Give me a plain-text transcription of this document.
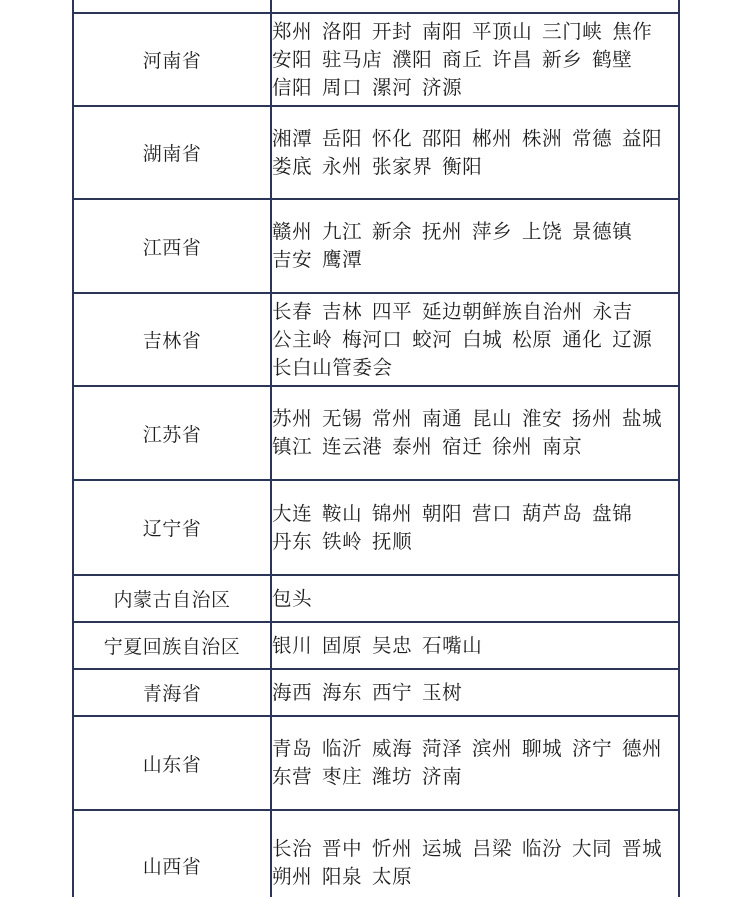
河南省	郑州 洛阳 开封 南阳 平顶山 三门峡 焦作 安阳 驻马店 濮阳 商丘 许昌 新乡 鹤壁 信阳 周口 漯河 济源
湖南省	湘潭 岳阳 怀化 邵阳 郴州 株洲 常德 益阳 娄底 永州 张家界 衡阳
江西省	赣州 九江 新余 抚州 萍乡 上饶 景德镇 吉安 鹰潭
吉林省	长春 吉林 四平 延边朝鲜族自治州 永吉 公主岭 梅河口 蛟河 白城 松原 通化 辽源 长白山管委会
江苏省	苏州 无锡 常州 南通 昆山 淮安 扬州 盐城 镇江 连云港 泰州 宿迁 徐州 南京
辽宁省	大连 鞍山 锦州 朝阳 营口 葫芦岛 盘锦 丹东 铁岭 抚顺
内蒙古自治区	包头
宁夏回族自治区	银川 固原 吴忠 石嘴山
青海省	海西 海东 西宁 玉树
山东省	青岛 临沂 威海 菏泽 滨州 聊城 济宁 德州 东营 枣庄 潍坊 济南
山西省	长治 晋中 忻州 运城 吕梁 临汾 大同 晋城 朔州 阳泉 太原
